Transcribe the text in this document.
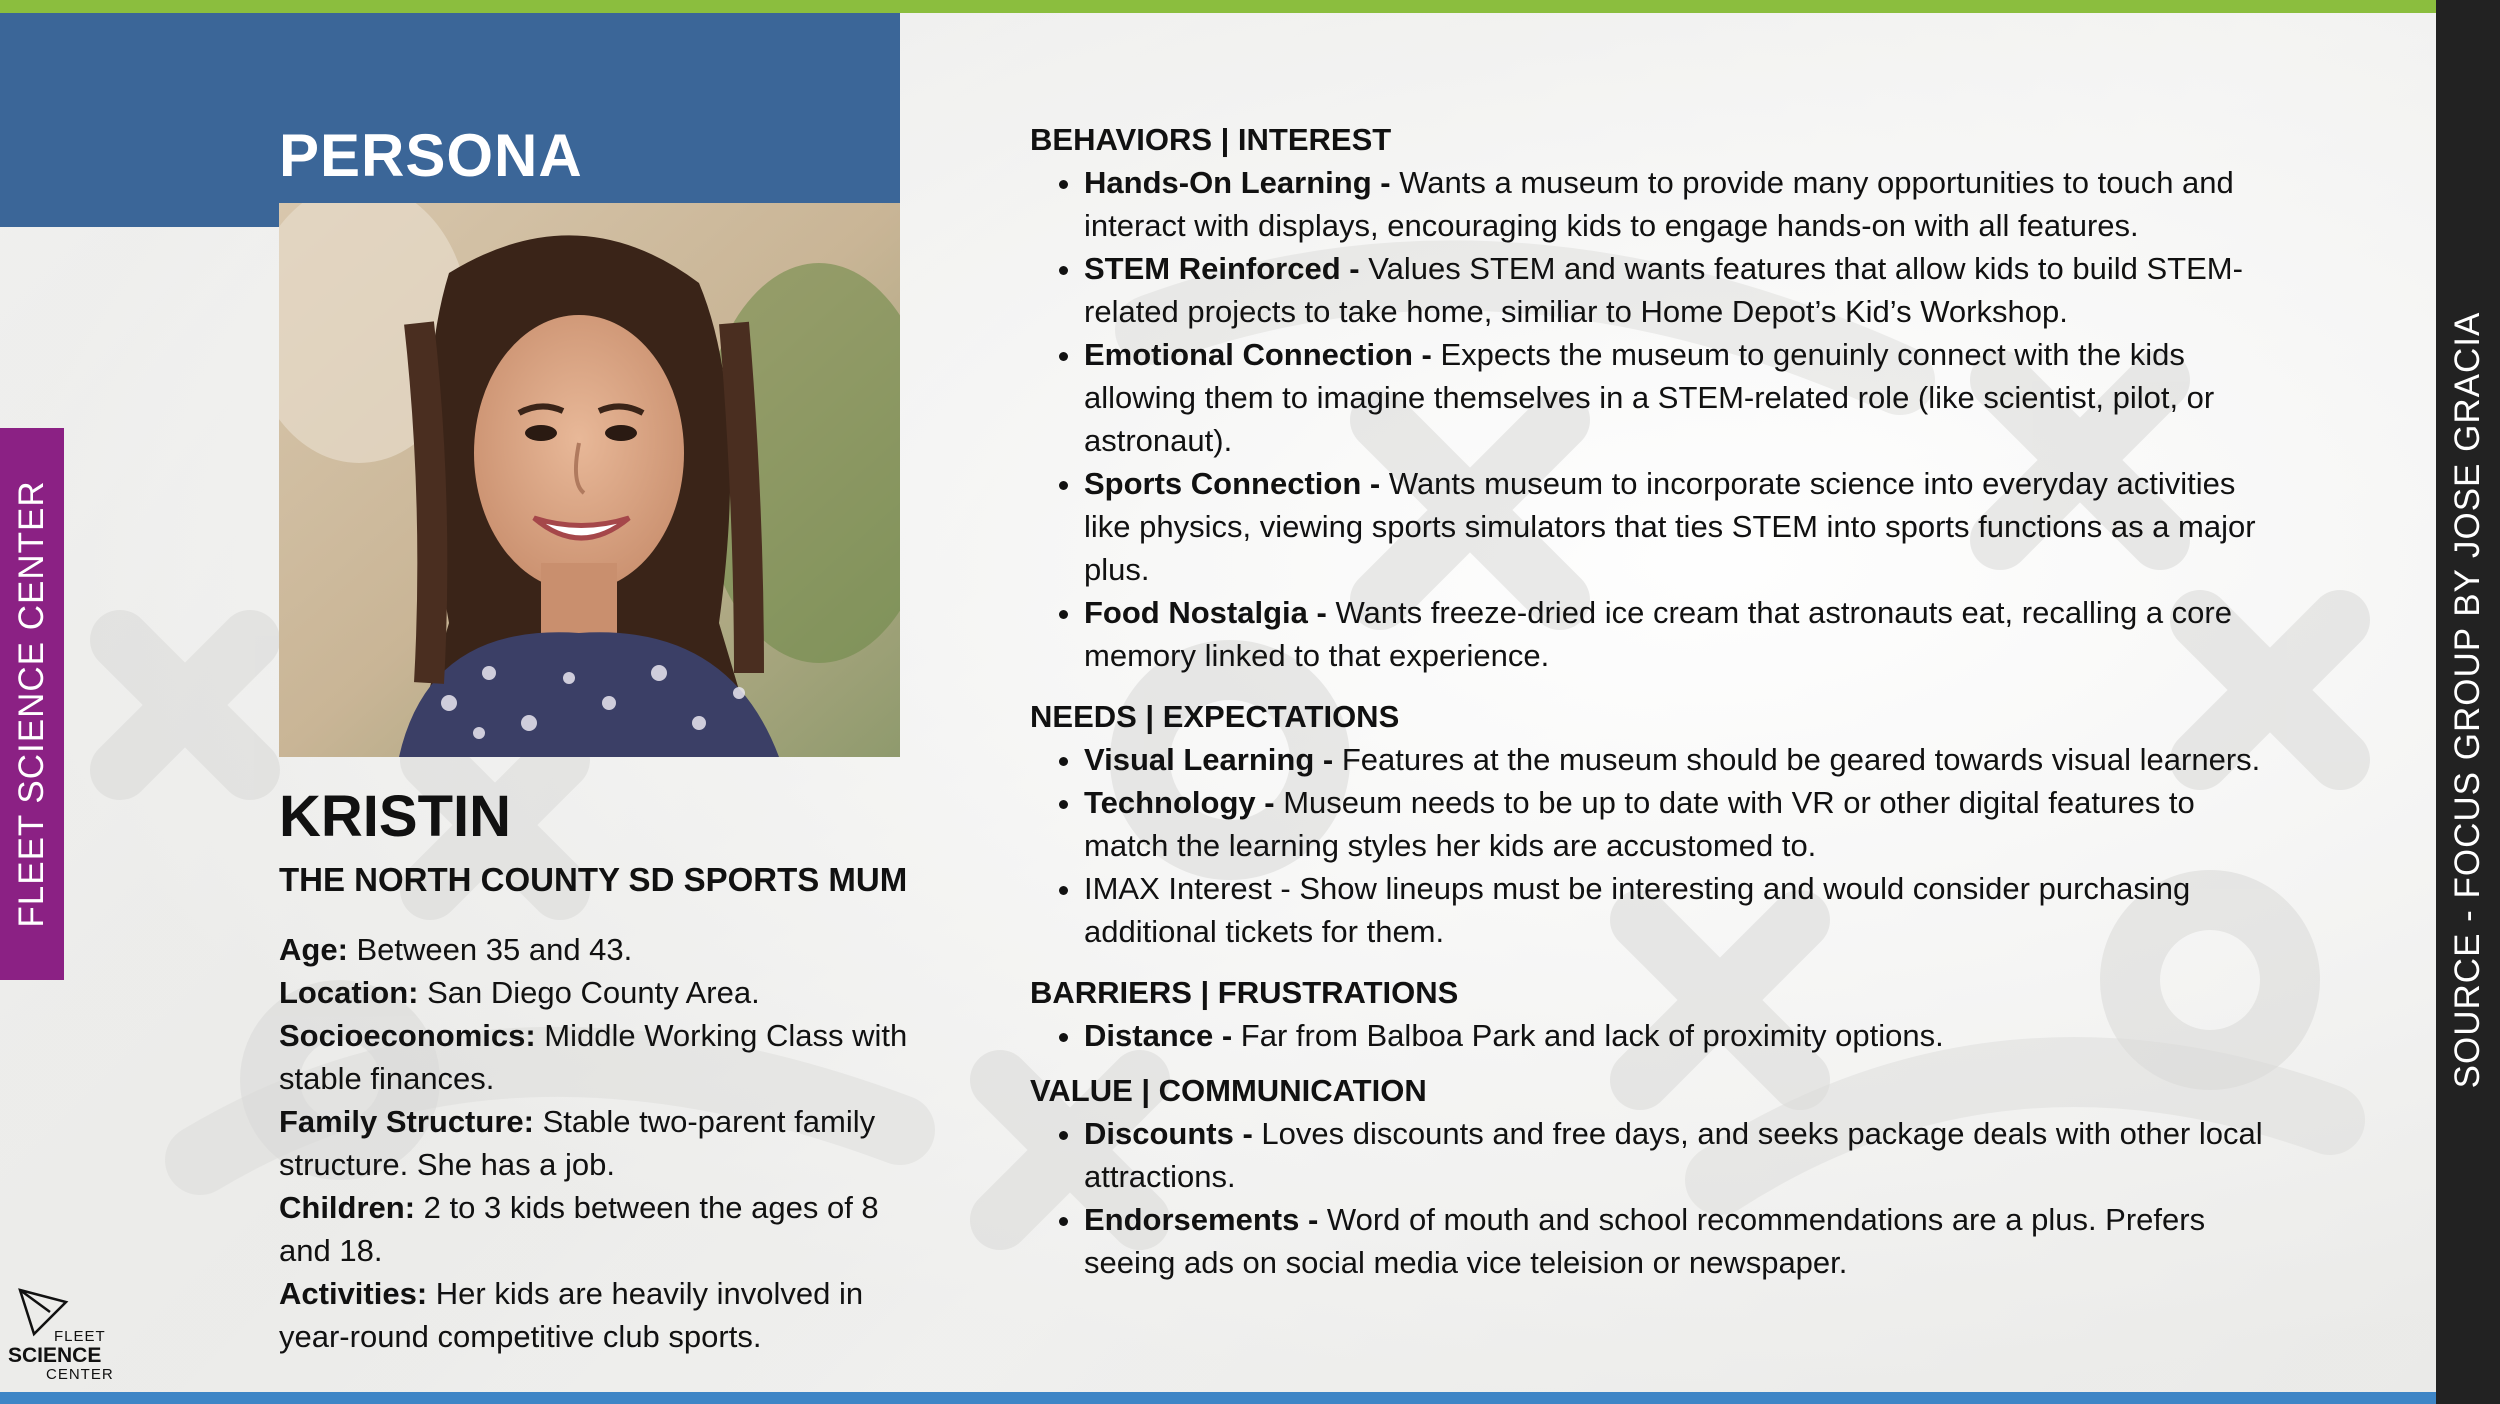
PERSONA
FLEET SCIENCE CENTER	SOURCE - FOCUS GROUP BY JOSE GRACIA
KRISTIN
THE NORTH COUNTY SD SPORTS MUM

Age: Between 35 and 43.

Location: San Diego County Area.

Socioeconomics: Middle Working Class with stable finances.

Family Structure: Stable two-parent family structure. She has a job.

Children: 2 to 3 kids between the ages of 8 and 18.

Activities: Her kids are heavily involved in year-round competitive club sports.

BEHAVIORS | INTEREST

• Hands-On Learning - Wants a museum to provide many opportunities to touch and interact with displays, encouraging kids to engage hands-on with all features.
• STEM Reinforced - Values STEM and wants features that allow kids to build STEM-related projects to take home, similiar to Home Depot’s Kid’s Workshop.
• Emotional Connection - Expects the museum to genuinly connect with the kids allowing them to imagine themselves in a STEM-related role (like scientist, pilot, or astronaut).
• Sports Connection - Wants museum to incorporate science into everyday activities like physics, viewing sports simulators that ties STEM into sports functions as a major plus.
• Food Nostalgia - Wants freeze-dried ice cream that astronauts eat, recalling a core memory linked to that experience.

NEEDS | EXPECTATIONS

• Visual Learning - Features at the museum should be geared towards visual learners.
• Technology - Museum needs to be up to date with VR or other digital features to match the learning styles her kids are accustomed to.
• IMAX Interest - Show lineups must be interesting and would consider purchasing additional tickets for them.

BARRIERS | FRUSTRATIONS

• Distance - Far from Balboa Park and lack of proximity options.

VALUE | COMMUNICATION

• Discounts - Loves discounts and free days, and seeks package deals with other local attractions.
• Endorsements - Word of mouth and school recommendations are a plus. Prefers seeing ads on social media vice teleision or newspaper.
FLEET
SCIENCE
CENTER
